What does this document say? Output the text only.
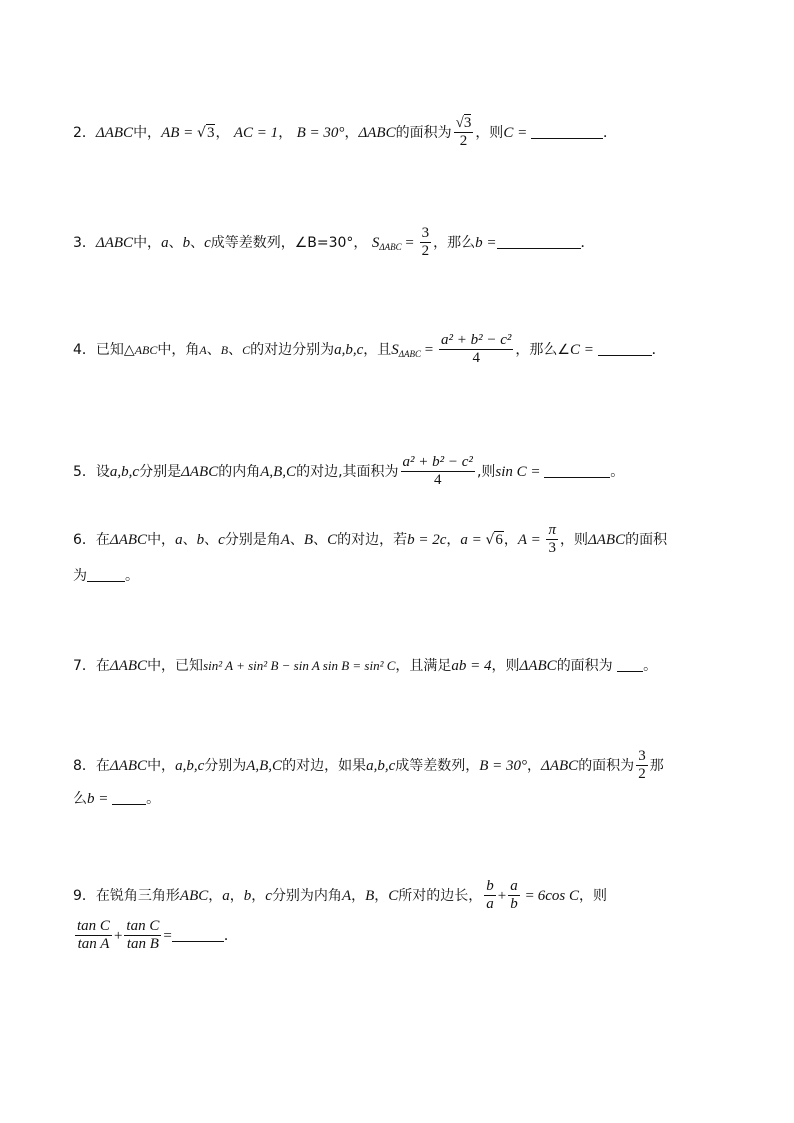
2．ΔABC中，AB = √3， AC = 1， B = 30°，ΔABC的面积为 $\frac{√3}{2}$ ，则C =	．
3．ΔABC中，a、b、c成等差数列，∠B=30°， $S_{\Delta ABC} = \frac{3}{2}$ ，那么b =	．
4．已知△ABC中，角A、B、C的对边分别为a,b,c，且$S_{\Delta ABC} = \frac{\text{a² + b² − c²}}{4}$ ，那么∠C =	．
5．设a,b,c分别是ΔABC的内角A,B,C的对边,其面积为 $\frac{\text{a² + b² − c²}}{4}$ ,则sin C =	。
6．在ΔABC中，a、b、c分别是角A、B、C的对边，若b = 2c，a = √6，$A = \frac{\pi}{3}$ ，则ΔABC的面积
为	。
7．在ΔABC中，已知sin² A + sin² B − sin A sin B = sin² C，且满足ab = 4，则ΔABC的面积为 。
8．在ΔABC中，a,b,c分别为A,B,C的对边，如果a,b,c成等差数列，B = 30°，ΔABC的面积为 $\frac{3}{2}$ 那
么b = 。
9．在锐角三角形ABC，a，b，c分别为内角A，B，C所对的边长， $\frac{b}{a} + \frac{a}{b} = 6\cos$ C，则
$\frac{\text{tan C}}{\text{tan A}} + \frac{\text{tan C}}{\text{tan B}}$ =	．
